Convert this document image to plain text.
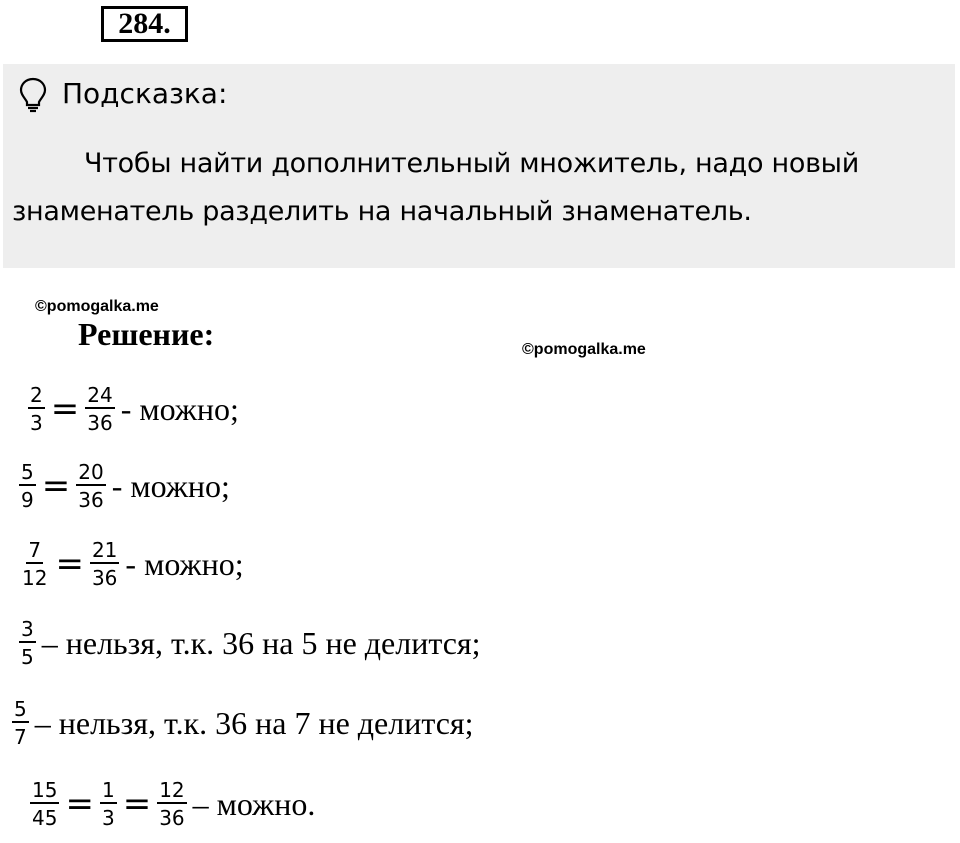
284.
Подсказка:
Чтобы найти дополнительный множитель, надо новый знаменатель разделить на начальный знаменатель.
©pomogalka.me
©pomogalka.me
Решение:
$\frac{2}{3} = \frac{24}{36}$ - можно;
$\frac{5}{9} = \frac{20}{36}$ - можно;
$\frac{7}{12} = \frac{21}{36}$ - можно;
$\frac{3}{5}$ – нельзя, т.к. 36 на 5 не делится;
$\frac{5}{7}$ – нельзя, т.к. 36 на 7 не делится;
$\frac{15}{45} = \frac{1}{3} = \frac{12}{36}$ – можно.
